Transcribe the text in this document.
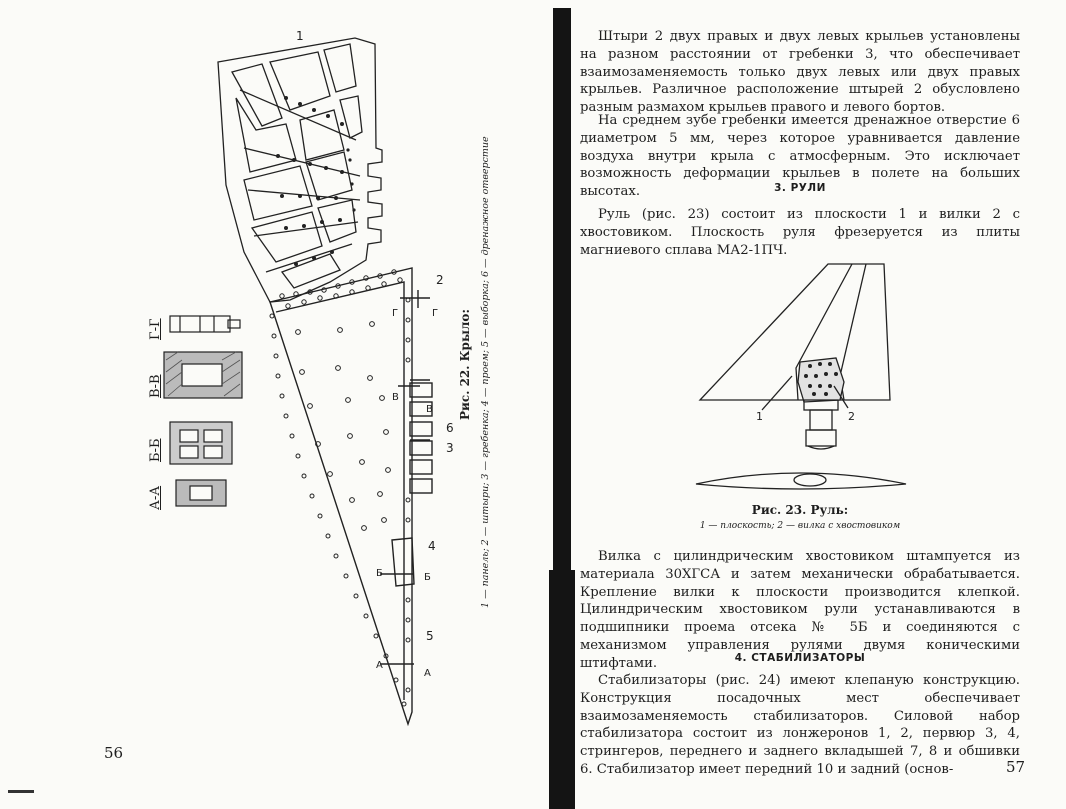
1
2
3
6
4
5
Г	Г
В
В
Б	Б
А
А
Г-Г
В-В
Б-Б
А-А
Рис. 22. Крыло: 1 — панель; 2 — штыри; 3 — гребенка; 4 — проем; 5 — выборка; 6 — дренажное отверстие
56

Штыри 2 двух правых и двух левых крыльев установлены на разном расстоянии от гребенки 3, что обеспечивает взаимозаменяемость только двух левых или двух правых крыльев. Различное расположение штырей 2 обусловлено разным размахом крыльев правого и левого бортов.

На среднем зубе гребенки имеется дренажное отверстие 6 диаметром 5 мм, через которое уравнивается давление воздуха внутри крыла с атмосферным. Это исключает возможность деформации крыльев в полете на больших высотах.	3. РУЛИ

Руль (рис. 23) состоит из плоскости 1 и вилки 2 с хвостовиком. Плоскость руля фрезеруется из плиты магниевого сплава МА2-1ПЧ.

1	2
Рис. 23. Руль:
1 — плоскость; 2 — вилка с хвостовиком

Вилка с цилиндрическим хвостовиком штампуется из материала 30ХГСА и затем механически обрабатывается. Крепление вилки к плоскости производится клепкой. Цилиндрическим хвостовиком рули устанавливаются в подшипники проема отсека № 5Б и соединяются с механизмом управления рулями двумя коническими штифтами.	4. СТАБИЛИЗАТОРЫ

Стабилизаторы (рис. 24) имеют клепаную конструкцию. Конструкция посадочных мест обеспечивает взаимозаменяемость стабилизаторов. Силовой набор стабилизатора состоит из лонжеронов 1, 2, первюр 3, 4, стрингеров, переднего и заднего вкладышей 7, 8 и обшивки 6. Стабилизатор имеет передний 10 и задний (основ-	57
